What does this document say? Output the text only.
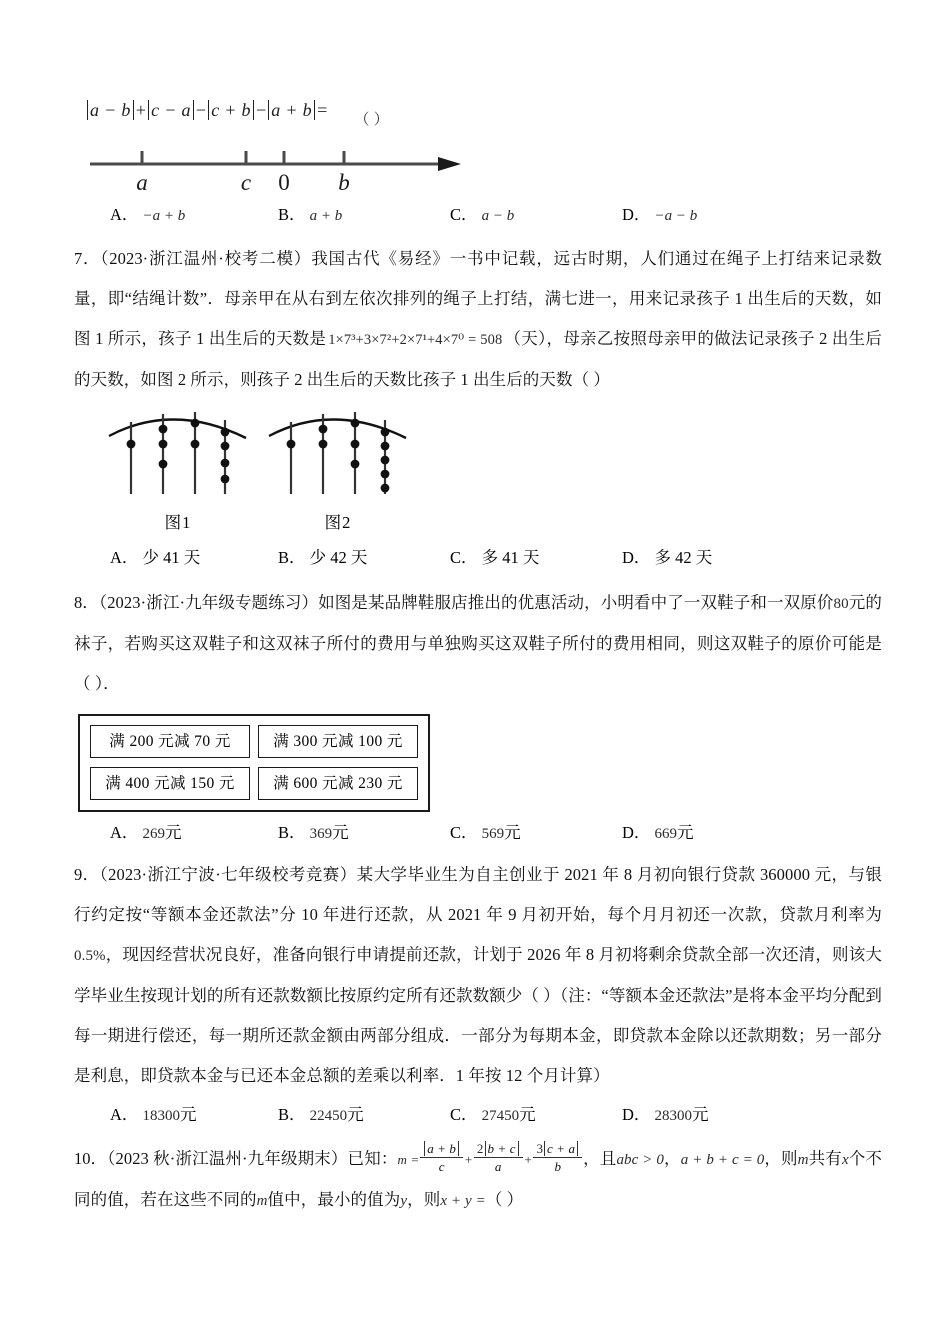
a − b + c − a − c + b − a + b = （ ）
a	c 0 b
A． −a + b	B． a + b	C． a − b	D． −a − b
7．（2023·浙江温州·校考二模）我国古代《易经》一书中记载，远古时期，人们通过在绳子上打结来记录数量，即“结绳计数”．母亲甲在从右到左依次排列的绳子上打结，满七进一，用来记录孩子 1 出生后的天数，如图 1 所示，孩子 1 出生后的天数是 1×7³+3×7²+2×7¹+4×7⁰ = 508 （天），母亲乙按照母亲甲的做法记录孩子 2 出生后的天数，如图 2 所示，则孩子 2 出生后的天数比孩子 1 出生后的天数（ ）
图1	图2
A． 少 41 天	B． 少 42 天	C． 多 41 天	D． 多 42 天
8．（2023·浙江·九年级专题练习）如图是某品牌鞋服店推出的优惠活动，小明看中了一双鞋子和一双原价80元的袜子，若购买这双鞋子和这双袜子所付的费用与单独购买这双鞋子所付的费用相同，则这双鞋子的原价可能是（ ）．
满 200 元减 70 元	满 300 元减 100 元
满 400 元减 150 元	满 600 元减 230 元
A． 269元	B． 369元	C． 569元	D． 669元
9．（2023·浙江宁波·七年级校考竞赛）某大学毕业生为自主创业于 2021 年 8 月初向银行贷款 360000 元，与银行约定按“等额本金还款法”分 10 年进行还款，从 2021 年 9 月初开始，每个月月初还一次款，贷款月利率为0.5%，现因经营状况良好，准备向银行申请提前还款，计划于 2026 年 8 月初将剩余贷款全部一次还清，则该大学毕业生按现计划的所有还款数额比按原约定所有还款数额少（ ）（注：“等额本金还款法”是将本金平均分配到每一期进行偿还，每一期所还款金额由两部分组成．一部分为每期本金，即贷款本金除以还款期数；另一部分是利息，即贷款本金与已还本金总额的差乘以利率．1 年按 12 个月计算）
A． 18300元	B． 22450元	C． 27450元	D． 28300元
10．（2023 秋·浙江温州·九年级期末）已知：$m = \frac{a + b}{c} + \frac{2 b + c}{a} + \frac{3 c + a}{b}$ ，且abc > 0，a + b + c = 0，则m共有x个不同的值，若在这些不同的m值中，最小的值为y，则x + y =（ ）
